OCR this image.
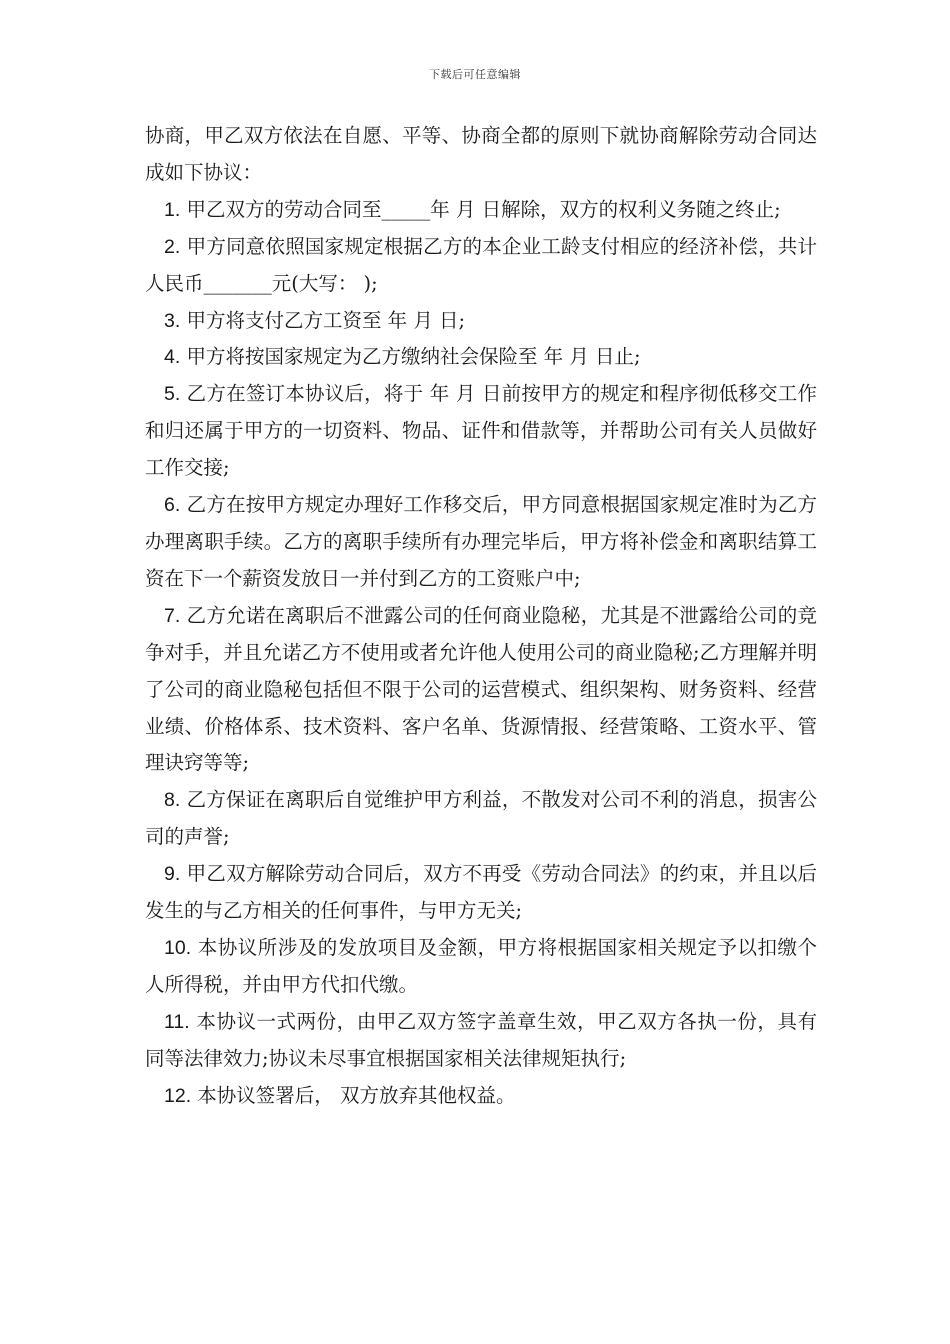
下载后可任意编辑

协商，甲乙双方依法在自愿、平等、协商全都的原则下就协商解除劳动合同达成如下协议：

1. 甲乙双方的劳动合同至_____年 月 日解除，双方的权利义务随之终止;

2. 甲方同意依照国家规定根据乙方的本企业工龄支付相应的经济补偿，共计人民币_______元(大写： );

3. 甲方将支付乙方工资至 年 月 日;

4. 甲方将按国家规定为乙方缴纳社会保险至 年 月 日止;

5. 乙方在签订本协议后，将于 年 月 日前按甲方的规定和程序彻低移交工作和归还属于甲方的一切资料、物品、证件和借款等，并帮助公司有关人员做好工作交接;

6. 乙方在按甲方规定办理好工作移交后，甲方同意根据国家规定准时为乙方办理离职手续。乙方的离职手续所有办理完毕后，甲方将补偿金和离职结算工资在下一个薪资发放日一并付到乙方的工资账户中;

7. 乙方允诺在离职后不泄露公司的任何商业隐秘，尤其是不泄露给公司的竞争对手，并且允诺乙方不使用或者允许他人使用公司的商业隐秘;乙方理解并明了公司的商业隐秘包括但不限于公司的运营模式、组织架构、财务资料、经营业绩、价格体系、技术资料、客户名单、货源情报、经营策略、工资水平、管理诀窍等等;

8. 乙方保证在离职后自觉维护甲方利益，不散发对公司不利的消息，损害公司的声誉;

9. 甲乙双方解除劳动合同后，双方不再受《劳动合同法》的约束，并且以后发生的与乙方相关的任何事件，与甲方无关;

10. 本协议所涉及的发放项目及金额，甲方将根据国家相关规定予以扣缴个人所得税，并由甲方代扣代缴。

11. 本协议一式两份，由甲乙双方签字盖章生效，甲乙双方各执一份，具有同等法律效力;协议未尽事宜根据国家相关法律规矩执行;

12. 本协议签署后， 双方放弃其他权益。
